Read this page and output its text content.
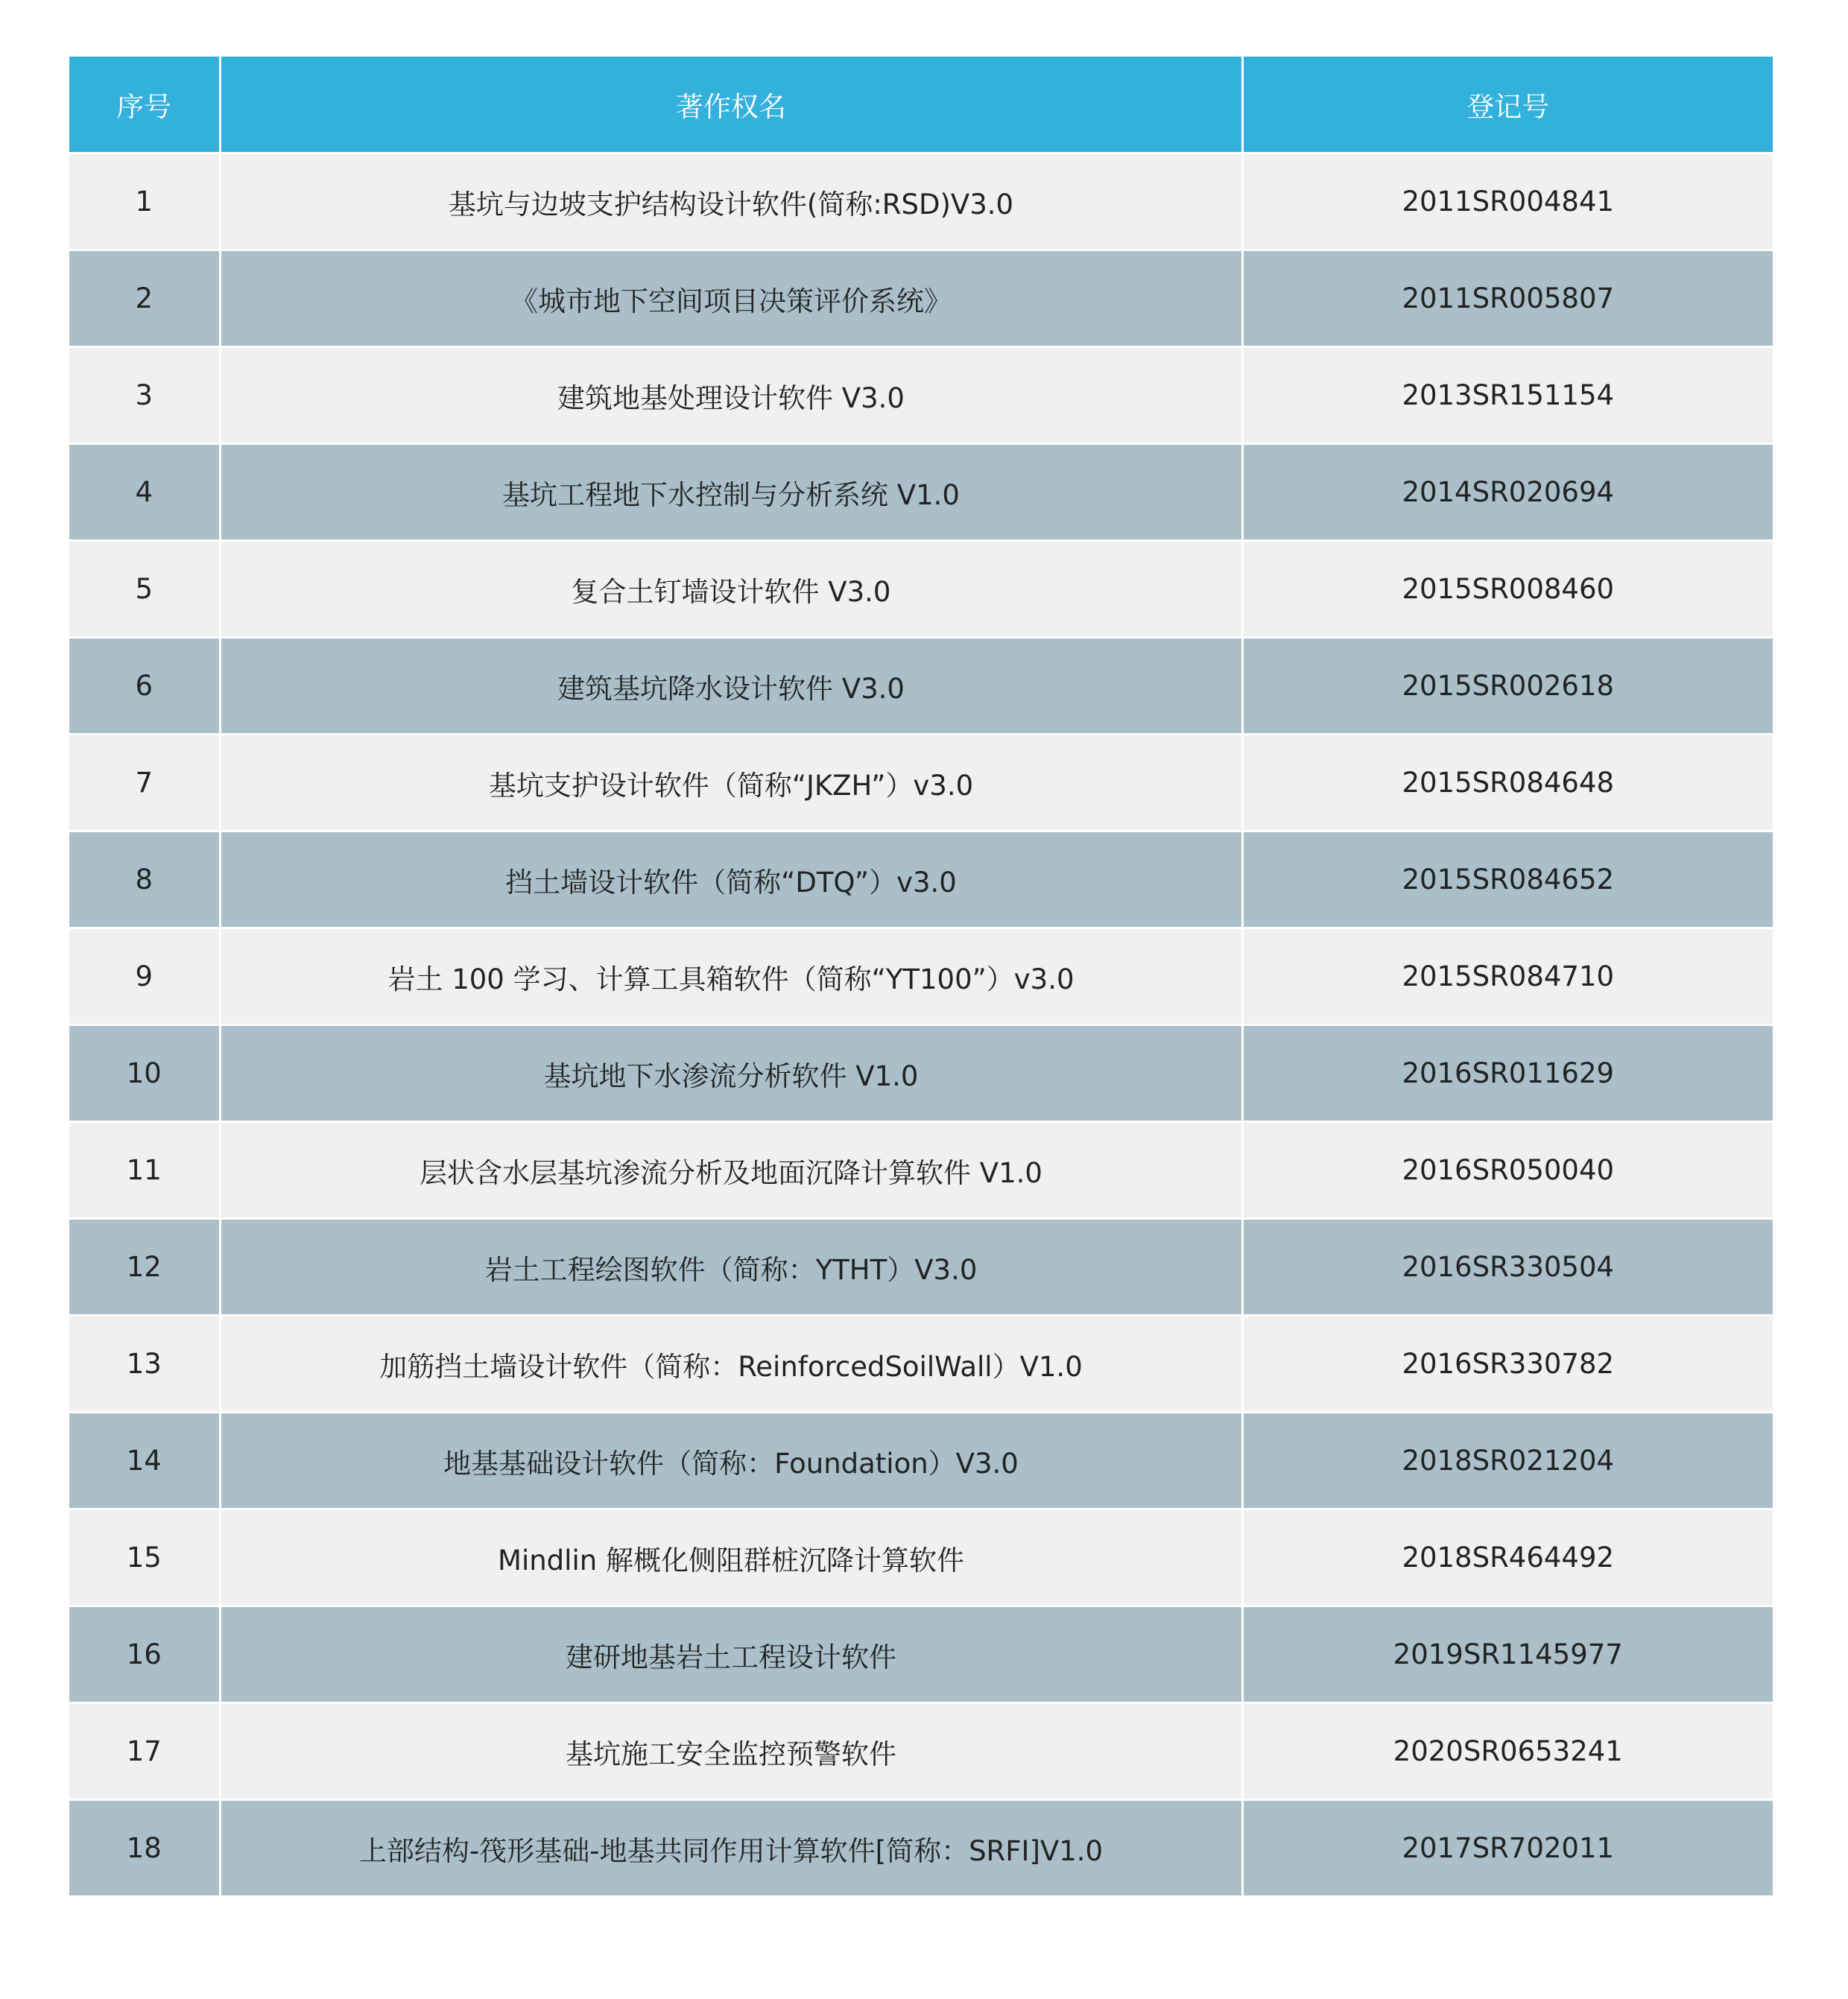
序号	著作权名	登记号
1	基坑与边坡支护结构设计软件(简称:RSD)V3.0	2011SR004841
2	《城市地下空间项目决策评价系统》	2011SR005807
3	建筑地基处理设计软件 V3.0	2013SR151154
4	基坑工程地下水控制与分析系统 V1.0	2014SR020694
5	复合土钉墙设计软件 V3.0	2015SR008460
6	建筑基坑降水设计软件 V3.0	2015SR002618
7	基坑支护设计软件（简称“JKZH”）v3.0	2015SR084648
8	挡土墙设计软件（简称“DTQ”）v3.0	2015SR084652
9	岩土 100 学习、计算工具箱软件（简称“YT100”）v3.0	2015SR084710
10	基坑地下水渗流分析软件 V1.0	2016SR011629
11	层状含水层基坑渗流分析及地面沉降计算软件 V1.0	2016SR050040
12	岩土工程绘图软件（简称：YTHT）V3.0	2016SR330504
13	加筋挡土墙设计软件（简称：ReinforcedSoilWall）V1.0	2016SR330782
14	地基基础设计软件（简称：Foundation）V3.0	2018SR021204
15	Mindlin 解概化侧阻群桩沉降计算软件	2018SR464492
16	建研地基岩土工程设计软件	2019SR1145977
17	基坑施工安全监控预警软件	2020SR0653241
18	上部结构-筏形基础-地基共同作用计算软件[简称：SRFI]V1.0	2017SR702011
